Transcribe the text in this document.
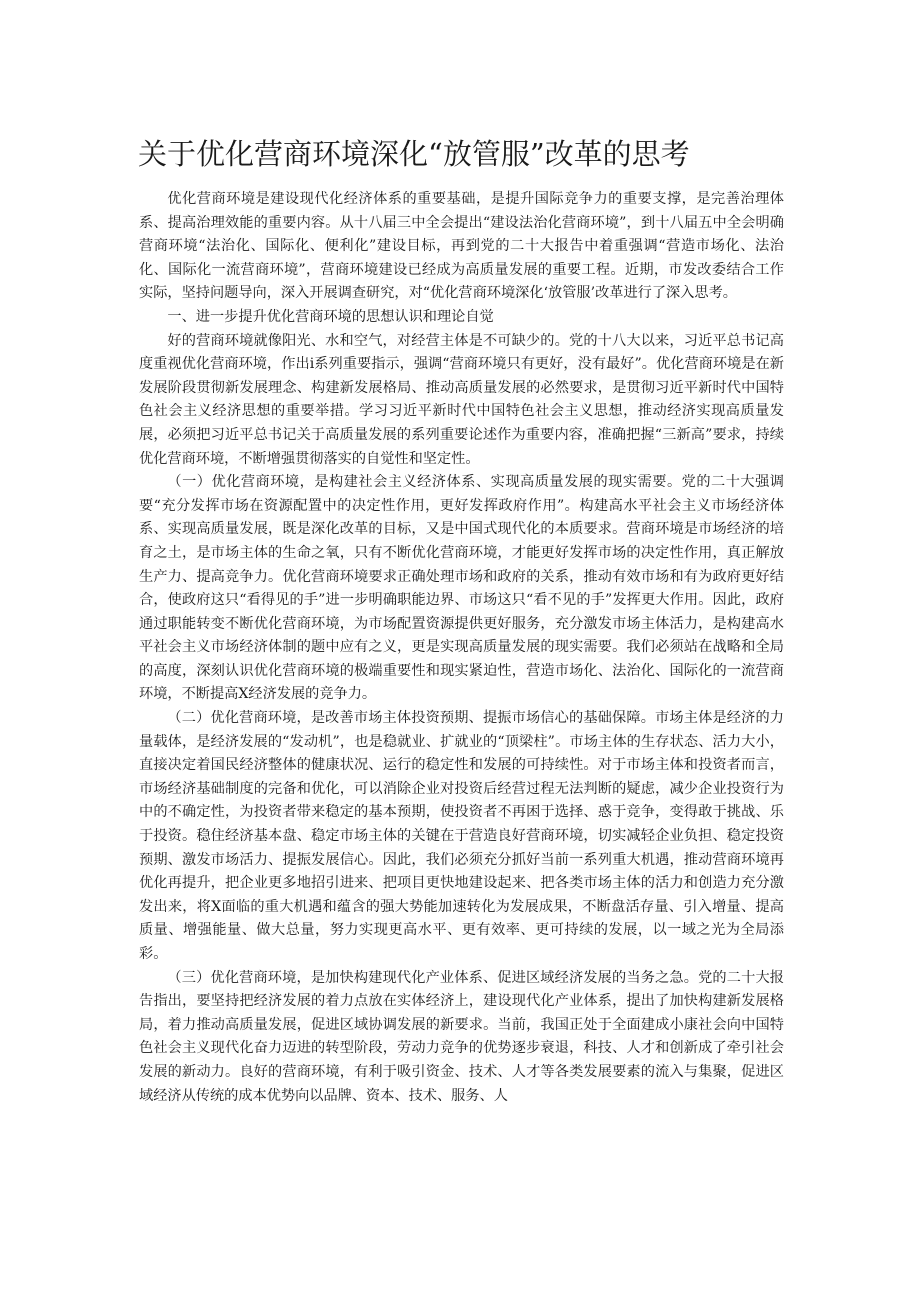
关于优化营商环境深化“放管服”改革的思考

优化营商环境是建设现代化经济体系的重要基础，是提升国际竞争力的重要支撑，是完善治理体系、提高治理效能的重要内容。从十八届三中全会提出“建设法治化营商环境”，到十八届五中全会明确营商环境“法治化、国际化、便利化”建设目标，再到党的二十大报告中着重强调“营造市场化、法治化、国际化一流营商环境”，营商环境建设已经成为高质量发展的重要工程。近期，市发改委结合工作实际，坚持问题导向，深入开展调查研究，对“优化营商环境深化‘放管服’改革进行了深入思考。

一、进一步提升优化营商环境的思想认识和理论自觉

好的营商环境就像阳光、水和空气，对经营主体是不可缺少的。党的十八大以来，习近平总书记高度重视优化营商环境，作出i系列重要指示，强调“营商环境只有更好，没有最好”。优化营商环境是在新发展阶段贯彻新发展理念、构建新发展格局、推动高质量发展的必然要求，是贯彻习近平新时代中国特色社会主义经济思想的重要举措。学习习近平新时代中国特色社会主义思想，推动经济实现高质量发展，必须把习近平总书记关于高质量发展的系列重要论述作为重要内容，准确把握“三新高”要求，持续优化营商环境，不断增强贯彻落实的自觉性和坚定性。

（一）优化营商环境，是构建社会主义经济体系、实现高质量发展的现实需要。党的二十大强调要“充分发挥市场在资源配置中的决定性作用，更好发挥政府作用”。构建高水平社会主义市场经济体系、实现高质量发展，既是深化改革的目标，又是中国式现代化的本质要求。营商环境是市场经济的培育之土，是市场主体的生命之氧，只有不断优化营商环境，才能更好发挥市场的决定性作用，真正解放生产力、提高竞争力。优化营商环境要求正确处理市场和政府的关系，推动有效市场和有为政府更好结合，使政府这只“看得见的手”进一步明确职能边界、市场这只“看不见的手”发挥更大作用。因此，政府通过职能转变不断优化营商环境，为市场配置资源提供更好服务，充分激发市场主体活力，是构建高水平社会主义市场经济体制的题中应有之义，更是实现高质量发展的现实需要。我们必须站在战略和全局的高度，深刻认识优化营商环境的极端重要性和现实紧迫性，营造市场化、法治化、国际化的一流营商环境，不断提高X经济发展的竞争力。

（二）优化营商环境，是改善市场主体投资预期、提振市场信心的基础保障。市场主体是经济的力量载体，是经济发展的“发动机”，也是稳就业、扩就业的“顶梁柱”。市场主体的生存状态、活力大小，直接决定着国民经济整体的健康状况、运行的稳定性和发展的可持续性。对于市场主体和投资者而言，市场经济基础制度的完备和优化，可以消除企业对投资后经营过程无法判断的疑虑，减少企业投资行为中的不确定性，为投资者带来稳定的基本预期，使投资者不再困于选择、惑于竞争，变得敢于挑战、乐于投资。稳住经济基本盘、稳定市场主体的关键在于营造良好营商环境，切实减轻企业负担、稳定投资预期、激发市场活力、提振发展信心。因此，我们必须充分抓好当前一系列重大机遇，推动营商环境再优化再提升，把企业更多地招引进来、把项目更快地建设起来、把各类市场主体的活力和创造力充分激发出来，将X面临的重大机遇和蕴含的强大势能加速转化为发展成果，不断盘活存量、引入增量、提高质量、增强能量、做大总量，努力实现更高水平、更有效率、更可持续的发展，以一域之光为全局添彩。

（三）优化营商环境，是加快构建现代化产业体系、促进区域经济发展的当务之急。党的二十大报告指出，要坚持把经济发展的着力点放在实体经济上，建设现代化产业体系，提出了加快构建新发展格局，着力推动高质量发展，促进区域协调发展的新要求。当前，我国正处于全面建成小康社会向中国特色社会主义现代化奋力迈进的转型阶段，劳动力竞争的优势逐步衰退，科技、人才和创新成了牵引社会发展的新动力。良好的营商环境，有利于吸引资金、技术、人才等各类发展要素的流入与集聚，促进区域经济从传统的成本优势向以品牌、资本、技术、服务、人
